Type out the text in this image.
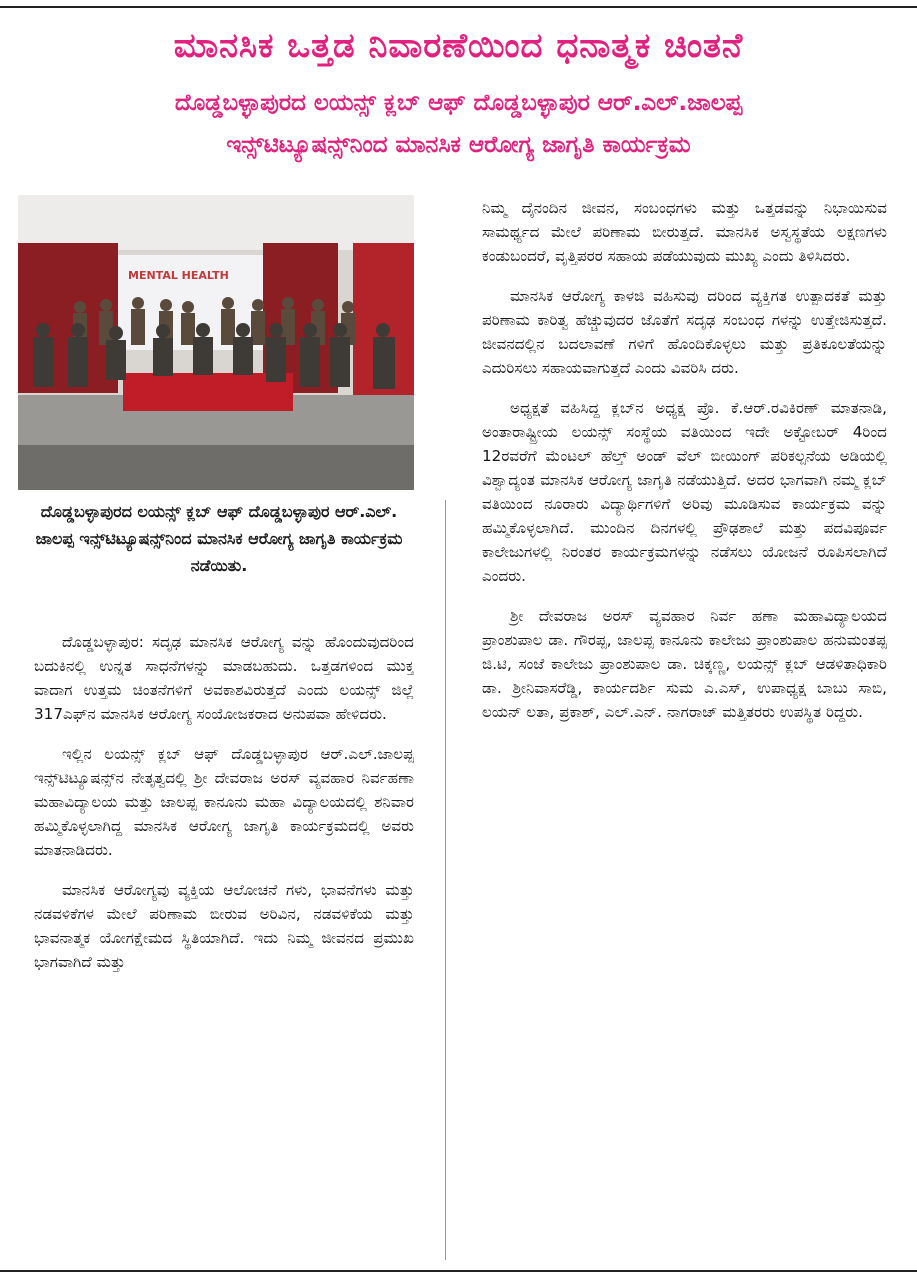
ಮಾನಸಿಕ ಒತ್ತಡ ನಿವಾರಣೆಯಿಂದ ಧನಾತ್ಮಕ ಚಿಂತನೆ
ದೊಡ್ಡಬಳ್ಳಾಪುರದ ಲಯನ್ಸ್ ಕ್ಲಬ್ ಆಫ್ ದೊಡ್ಡಬಳ್ಳಾಪುರ ಆರ್.ಎಲ್.ಜಾಲಪ್ಪ
ಇನ್ಸ್‌ಟಿಟ್ಯೂಷನ್ಸ್‌ನಿಂದ ಮಾನಸಿಕ ಆರೋಗ್ಯ ಜಾಗೃತಿ ಕಾರ್ಯಕ್ರಮ
MENTAL HEALTH
ದೊಡ್ಡಬಳ್ಳಾಪುರದ ಲಯನ್ಸ್ ಕ್ಲಬ್ ಆಫ್ ದೊಡ್ಡಬಳ್ಳಾಪುರ ಆರ್.ಎಲ್. ಜಾಲಪ್ಪ ಇನ್ಸ್‌ಟಿಟ್ಯೂಷನ್ಸ್‌ನಿಂದ ಮಾನಸಿಕ ಆರೋಗ್ಯ ಜಾಗೃತಿ ಕಾರ್ಯಕ್ರಮ ನಡೆಯಿತು.

ದೊಡ್ಡಬಳ್ಳಾಪುರ: ಸದೃಢ ಮಾನಸಿಕ ಆರೋಗ್ಯ ವನ್ನು ಹೊಂದುವುದರಿಂದ ಬದುಕಿನಲ್ಲಿ ಉನ್ನತ ಸಾಧನೆಗಳನ್ನು ಮಾಡಬಹುದು. ಒತ್ತಡಗಳಿಂದ ಮುಕ್ತ ವಾದಾಗ ಉತ್ತಮ ಚಿಂತನೆಗಳಿಗೆ ಅವಕಾಶವಿರುತ್ತದೆ ಎಂದು ಲಯನ್ಸ್ ಜಿಲ್ಲೆ 317ಎಫ್‌ನ ಮಾನಸಿಕ ಆರೋಗ್ಯ ಸಂಯೋಜಕರಾದ ಅನುಪವಾ ಹೇಳಿದರು.

ಇಲ್ಲಿನ ಲಯನ್ಸ್ ಕ್ಲಬ್ ಆಫ್ ದೊಡ್ಡಬಳ್ಳಾಪುರ ಆರ್.ಎಲ್.ಜಾಲಪ್ಪ ಇನ್ಸ್‌ಟಿಟ್ಯೂಷನ್ಸ್‌ನ ನೇತೃತ್ವದಲ್ಲಿ ಶ್ರೀ ದೇವರಾಜ ಅರಸ್ ವ್ಯವಹಾರ ನಿರ್ವಹಣಾ ಮಹಾವಿದ್ಯಾಲಯ ಮತ್ತು ಜಾಲಪ್ಪ ಕಾನೂನು ಮಹಾ ವಿದ್ಯಾಲಯದಲ್ಲಿ ಶನಿವಾರ ಹಮ್ಮಿಕೊಳ್ಳಲಾಗಿದ್ದ ಮಾನಸಿಕ ಆರೋಗ್ಯ ಜಾಗೃತಿ ಕಾರ್ಯಕ್ರಮದಲ್ಲಿ ಅವರು ಮಾತನಾಡಿದರು.

ಮಾನಸಿಕ ಆರೋಗ್ಯವು ವ್ಯಕ್ತಿಯ ಆಲೋಚನೆ ಗಳು, ಭಾವನೆಗಳು ಮತ್ತು ನಡವಳಿಕೆಗಳ ಮೇಲೆ ಪರಿಣಾಮ ಬೀರುವ ಅರಿವಿನ, ನಡವಳಿಕೆಯ ಮತ್ತು ಭಾವನಾತ್ಮಕ ಯೋಗಕ್ಷೇಮದ ಸ್ಥಿತಿಯಾಗಿದೆ. ಇದು ನಿಮ್ಮ ಜೀವನದ ಪ್ರಮುಖ ಭಾಗವಾಗಿದೆ ಮತ್ತು

ನಿಮ್ಮ ದೈನಂದಿನ ಜೀವನ, ಸಂಬಂಧಗಳು ಮತ್ತು ಒತ್ತಡವನ್ನು ನಿಭಾಯಿಸುವ ಸಾಮರ್ಥ್ಯದ ಮೇಲೆ ಪರಿಣಾಮ ಬೀರುತ್ತದೆ. ಮಾನಸಿಕ ಅಸ್ವಸ್ಥತೆಯ ಲಕ್ಷಣಗಳು ಕಂಡುಬಂದರೆ, ವೃತ್ತಿಪರರ ಸಹಾಯ ಪಡೆಯುವುದು ಮುಖ್ಯ ಎಂದು ತಿಳಿಸಿದರು.

ಮಾನಸಿಕ ಆರೋಗ್ಯ ಕಾಳಜಿ ವಹಿಸುವು ದರಿಂದ ವ್ಯಕ್ತಿಗತ ಉತ್ಪಾದಕತೆ ಮತ್ತು ಪರಿಣಾಮ ಕಾರಿತ್ವ ಹೆಚ್ಚುವುದರ ಜೊತೆಗೆ ಸದೃಢ ಸಂಬಂಧ ಗಳನ್ನು ಉತ್ತೇಜಿಸುತ್ತದೆ. ಜೀವನದಲ್ಲಿನ ಬದಲಾವಣೆ ಗಳಿಗೆ ಹೊಂದಿಕೊಳ್ಳಲು ಮತ್ತು ಪ್ರತಿಕೂಲತೆಯನ್ನು ಎದುರಿಸಲು ಸಹಾಯವಾಗುತ್ತದೆ ಎಂದು ವಿವರಿಸಿ ದರು.

ಅಧ್ಯಕ್ಷತೆ ವಹಿಸಿದ್ದ ಕ್ಲಬ್‌ನ ಅಧ್ಯಕ್ಷ ಪ್ರೊ. ಕೆ.ಆರ್.ರವಿಕಿರಣ್ ಮಾತನಾಡಿ, ಅಂತಾರಾಷ್ಟ್ರೀಯ ಲಯನ್ಸ್ ಸಂಸ್ಥೆಯ ವತಿಯಿಂದ ಇದೇ ಅಕ್ಟೋಬರ್ 4ರಿಂದ 12ರವರೆಗೆ ಮೆಂಟಲ್ ಹೆಲ್ತ್ ಅಂಡ್ ವೆಲ್ ಬೀಯಿಂಗ್ ಪರಿಕಲ್ಪನೆಯ ಅಡಿಯಲ್ಲಿ ವಿಶ್ವಾದ್ಯಂತ ಮಾನಸಿಕ ಆರೋಗ್ಯ ಜಾಗೃತಿ ನಡೆಯುತ್ತಿದೆ. ಅದರ ಭಾಗವಾಗಿ ನಮ್ಮ ಕ್ಲಬ್ ವತಿಯಿಂದ ನೂರಾರು ವಿದ್ಯಾರ್ಥಿಗಳಿಗೆ ಅರಿವು ಮೂಡಿಸುವ ಕಾರ್ಯಕ್ರಮ ವನ್ನು ಹಮ್ಮಿಕೊಳ್ಳಲಾಗಿದೆ. ಮುಂದಿನ ದಿನಗಳಲ್ಲಿ ಪ್ರೌಢಶಾಲೆ ಮತ್ತು ಪದವಿಪೂರ್ವ ಕಾಲೇಜುಗಳಲ್ಲಿ ನಿರಂತರ ಕಾರ್ಯಕ್ರಮಗಳನ್ನು ನಡೆಸಲು ಯೋಜನೆ ರೂಪಿಸಲಾಗಿದೆ ಎಂದರು.

ಶ್ರೀ ದೇವರಾಜ ಅರಸ್ ವ್ಯವಹಾರ ನಿರ್ವ ಹಣಾ ಮಹಾವಿದ್ಯಾಲಯದ ಪ್ರಾಂಶುಪಾಲ ಡಾ. ಗೌರಪ್ಪ, ಜಾಲಪ್ಪ ಕಾನೂನು ಕಾಲೇಜು ಪ್ರಾಂಶುಪಾಲ ಹನುಮಂತಪ್ಪ ಜಿ.ಟಿ, ಸಂಜೆ ಕಾಲೇಜು ಪ್ರಾಂಶುಪಾಲ ಡಾ. ಚಿಕ್ಕಣ್ಣ, ಲಯನ್ಸ್ ಕ್ಲಬ್ ಆಡಳಿತಾಧಿಕಾರಿ ಡಾ. ಶ್ರೀನಿವಾಸರೆಡ್ಡಿ, ಕಾರ್ಯದರ್ಶಿ ಸುಮ ಎ.ಎಸ್, ಉಪಾಧ್ಯಕ್ಷ ಬಾಬು ಸಾಬಿ, ಲಯನ್ ಲತಾ, ಪ್ರಕಾಶ್, ಎಲ್.ಎನ್. ನಾಗರಾಜ್ ಮತ್ತಿತರರು ಉಪಸ್ಥಿತ ರಿದ್ದರು.
